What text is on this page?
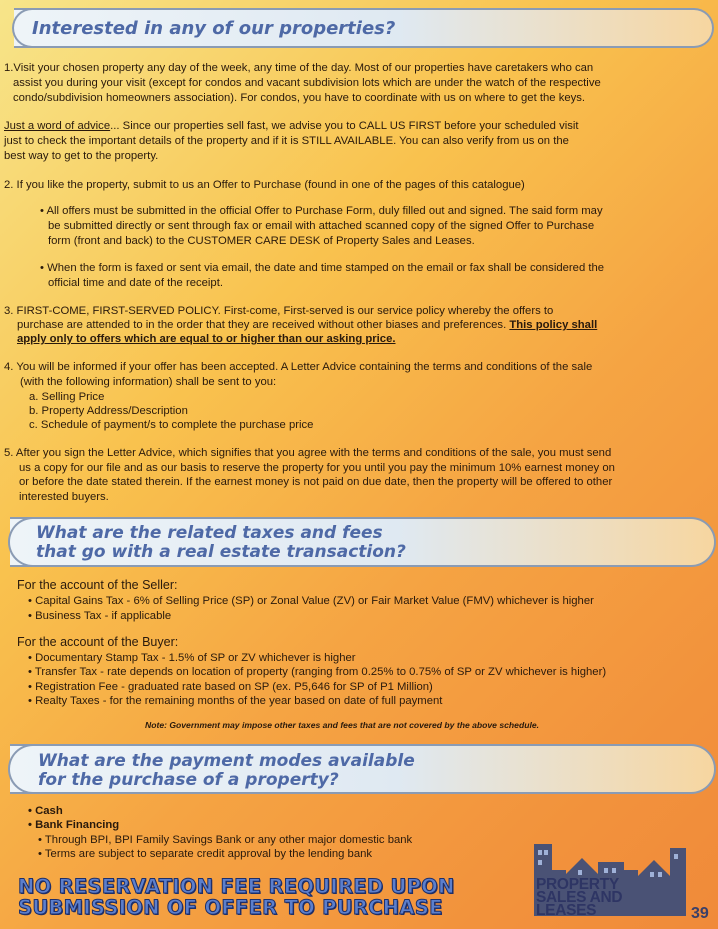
Interested in any of our properties?
1.Visit your chosen property any day of the week, any time of the day. Most of our properties have caretakers who can
assist you during your visit (except for condos and vacant subdivision lots which are under the watch of the respective
condo/subdivision homeowners association). For condos, you have to coordinate with us on where to get the keys.
Just a word of advice... Since our properties sell fast, we advise you to CALL US FIRST before your scheduled visit
just to check the important details of the property and if it is STILL AVAILABLE. You can also verify from us on the
best way to get to the property.
2. If you like the property, submit to us an Offer to Purchase (found in one of the pages of this catalogue)
• All offers must be submitted in the official Offer to Purchase Form, duly filled out and signed. The said form may
be submitted directly or sent through fax or email with attached scanned copy of the signed Offer to Purchase
form (front and back) to the CUSTOMER CARE DESK of Property Sales and Leases.
• When the form is faxed or sent via email, the date and time stamped on the email or fax shall be considered the
official time and date of the receipt.
3. FIRST-COME, FIRST-SERVED POLICY. First-come, First-served is our service policy whereby the offers to
purchase are attended to in the order that they are received without other biases and preferences. This policy shall
apply only to offers which are equal to or higher than our asking price.
4. You will be informed if your offer has been accepted. A Letter Advice containing the terms and conditions of the sale
(with the following information) shall be sent to you:
a. Selling Price
b. Property Address/Description
c. Schedule of payment/s to complete the purchase price
5. After you sign the Letter Advice, which signifies that you agree with the terms and conditions of the sale, you must send
us a copy for our file and as our basis to reserve the property for you until you pay the minimum 10% earnest money on
or before the date stated therein. If the earnest money is not paid on due date, then the property will be offered to other
interested buyers.
What are the related taxes and fees
that go with a real estate transaction?
For the account of the Seller:
• Capital Gains Tax - 6% of Selling Price (SP) or Zonal Value (ZV) or Fair Market Value (FMV) whichever is higher
• Business Tax - if applicable
For the account of the Buyer:
• Documentary Stamp Tax - 1.5% of SP or ZV whichever is higher
• Transfer Tax - rate depends on location of property (ranging from 0.25% to 0.75% of SP or ZV whichever is higher)
• Registration Fee - graduated rate based on SP (ex. P5,646 for SP of P1 Million)
• Realty Taxes - for the remaining months of the year based on date of full payment
Note: Government may impose other taxes and fees that are not covered by the above schedule.
What are the payment modes available
for the purchase of a property?
• Cash
• Bank Financing
• Through BPI, BPI Family Savings Bank or any other major domestic bank
• Terms are subject to separate credit approval by the lending bank
NO RESERVATION FEE REQUIRED UPON
SUBMISSION OF OFFER TO PURCHASE
PROPERTY
SALES AND
LEASES	39
